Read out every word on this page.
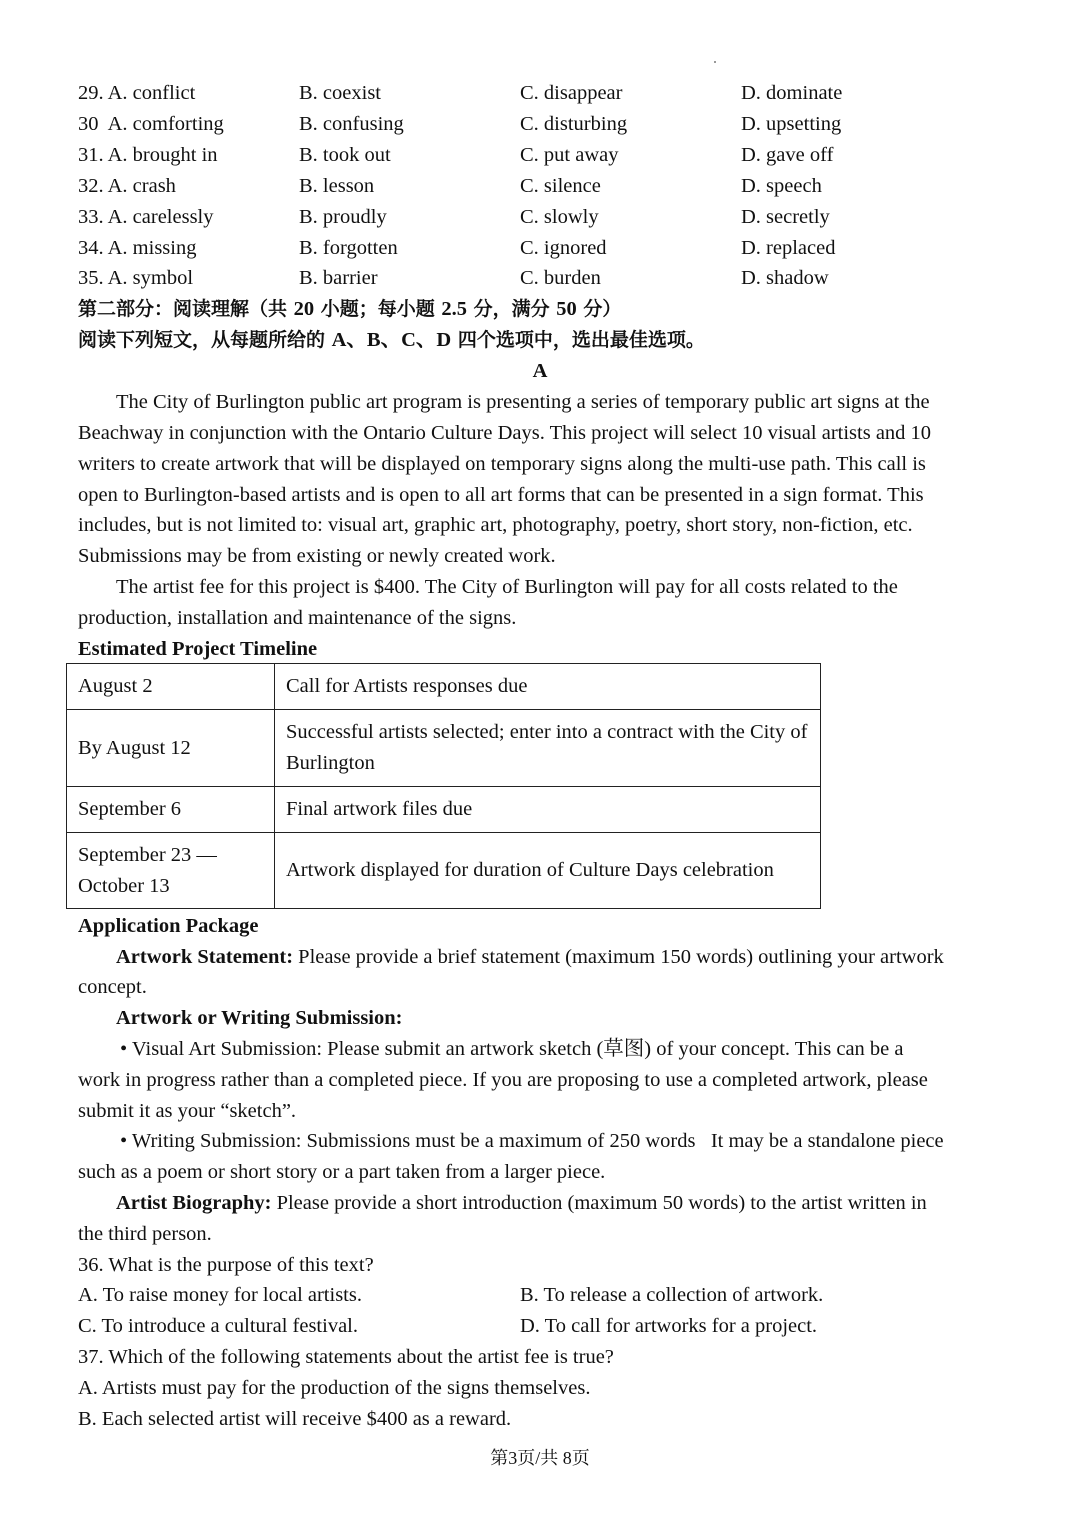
29. A. conflict	B. coexist	C. disappear	D. dominate
30  A. comforting	B. confusing	C. disturbing	D. upsetting
31. A. brought in	B. took out	C. put away	D. gave off
32. A. crash	B. lesson	C. silence	D. speech
33. A. carelessly	B. proudly	C. slowly	D. secretly
34. A. missing	B. forgotten	C. ignored	D. replaced
35. A. symbol	B. barrier	C. burden	D. shadow
第二部分：阅读理解（共 20 小题；每小题 2.5 分，满分 50 分）
阅读下列短文，从每题所给的 A、B、C、D 四个选项中，选出最佳选项。
A
The City of Burlington public art program is presenting a series of temporary public art signs at the
Beachway in conjunction with the Ontario Culture Days. This project will select 10 visual artists and 10
writers to create artwork that will be displayed on temporary signs along the multi-use path. This call is
open to Burlington-based artists and is open to all art forms that can be presented in a sign format. This
includes, but is not limited to: visual art, graphic art, photography, poetry, short story, non-fiction, etc.
Submissions may be from existing or newly created work.
The artist fee for this project is $400. The City of Burlington will pay for all costs related to the
production, installation and maintenance of the signs.
Estimated Project Timeline
August 2	Call for Artists responses due
By August 12	Successful artists selected; enter into a contract with the City of Burlington
September 6	Final artwork files due
September 23 — October 13	Artwork displayed for duration of Culture Days celebration
Application Package
Artwork Statement: Please provide a brief statement (maximum 150 words) outlining your artwork
concept.
Artwork or Writing Submission:
• Visual Art Submission: Please submit an artwork sketch (草图) of your concept. This can be a
work in progress rather than a completed piece. If you are proposing to use a completed artwork, please
submit it as your “sketch”.
• Writing Submission: Submissions must be a maximum of 250 words   It may be a standalone piece
such as a poem or short story or a part taken from a larger piece.
Artist Biography: Please provide a short introduction (maximum 50 words) to the artist written in
the third person.
36. What is the purpose of this text?
A. To raise money for local artists.	B. To release a collection of artwork.
C. To introduce a cultural festival.	D. To call for artworks for a project.
37. Which of the following statements about the artist fee is true?
A. Artists must pay for the production of the signs themselves.
B. Each selected artist will receive $400 as a reward.
第3页/共 8页
